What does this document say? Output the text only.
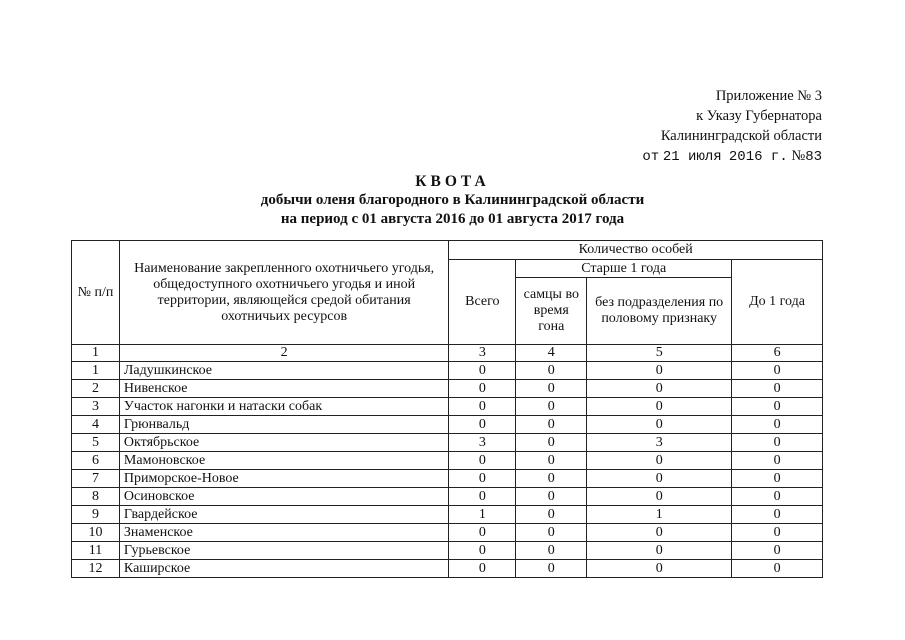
Приложение № 3
к Указу Губернатора
Калининградской области
от 21 июля 2016 г. №83
КВОТА
добычи оленя благородного в Калининградской области
на период с 01 августа 2016 до 01 августа 2017 года
№ п/п	Наименование закрепленного охотничьего угодья, общедоступного охотничьего угодья и иной территории, являющейся средой обитания охотничьих ресурсов	Количество особей			
		Всего	Старше 1 года		До 1 года
			самцы во время гона	без подразделения по половому признаку	
1	2	3	4	5	6
1	Ладушкинское	0	0	0	0
2	Нивенское	0	0	0	0
3	Участок нагонки и натаски собак	0	0	0	0
4	Грюнвальд	0	0	0	0
5	Октябрьское	3	0	3	0
6	Мамоновское	0	0	0	0
7	Приморское-Новое	0	0	0	0
8	Осиновское	0	0	0	0
9	Гвардейское	1	0	1	0
10	Знаменское	0	0	0	0
11	Гурьевское	0	0	0	0
12	Каширское	0	0	0	0
